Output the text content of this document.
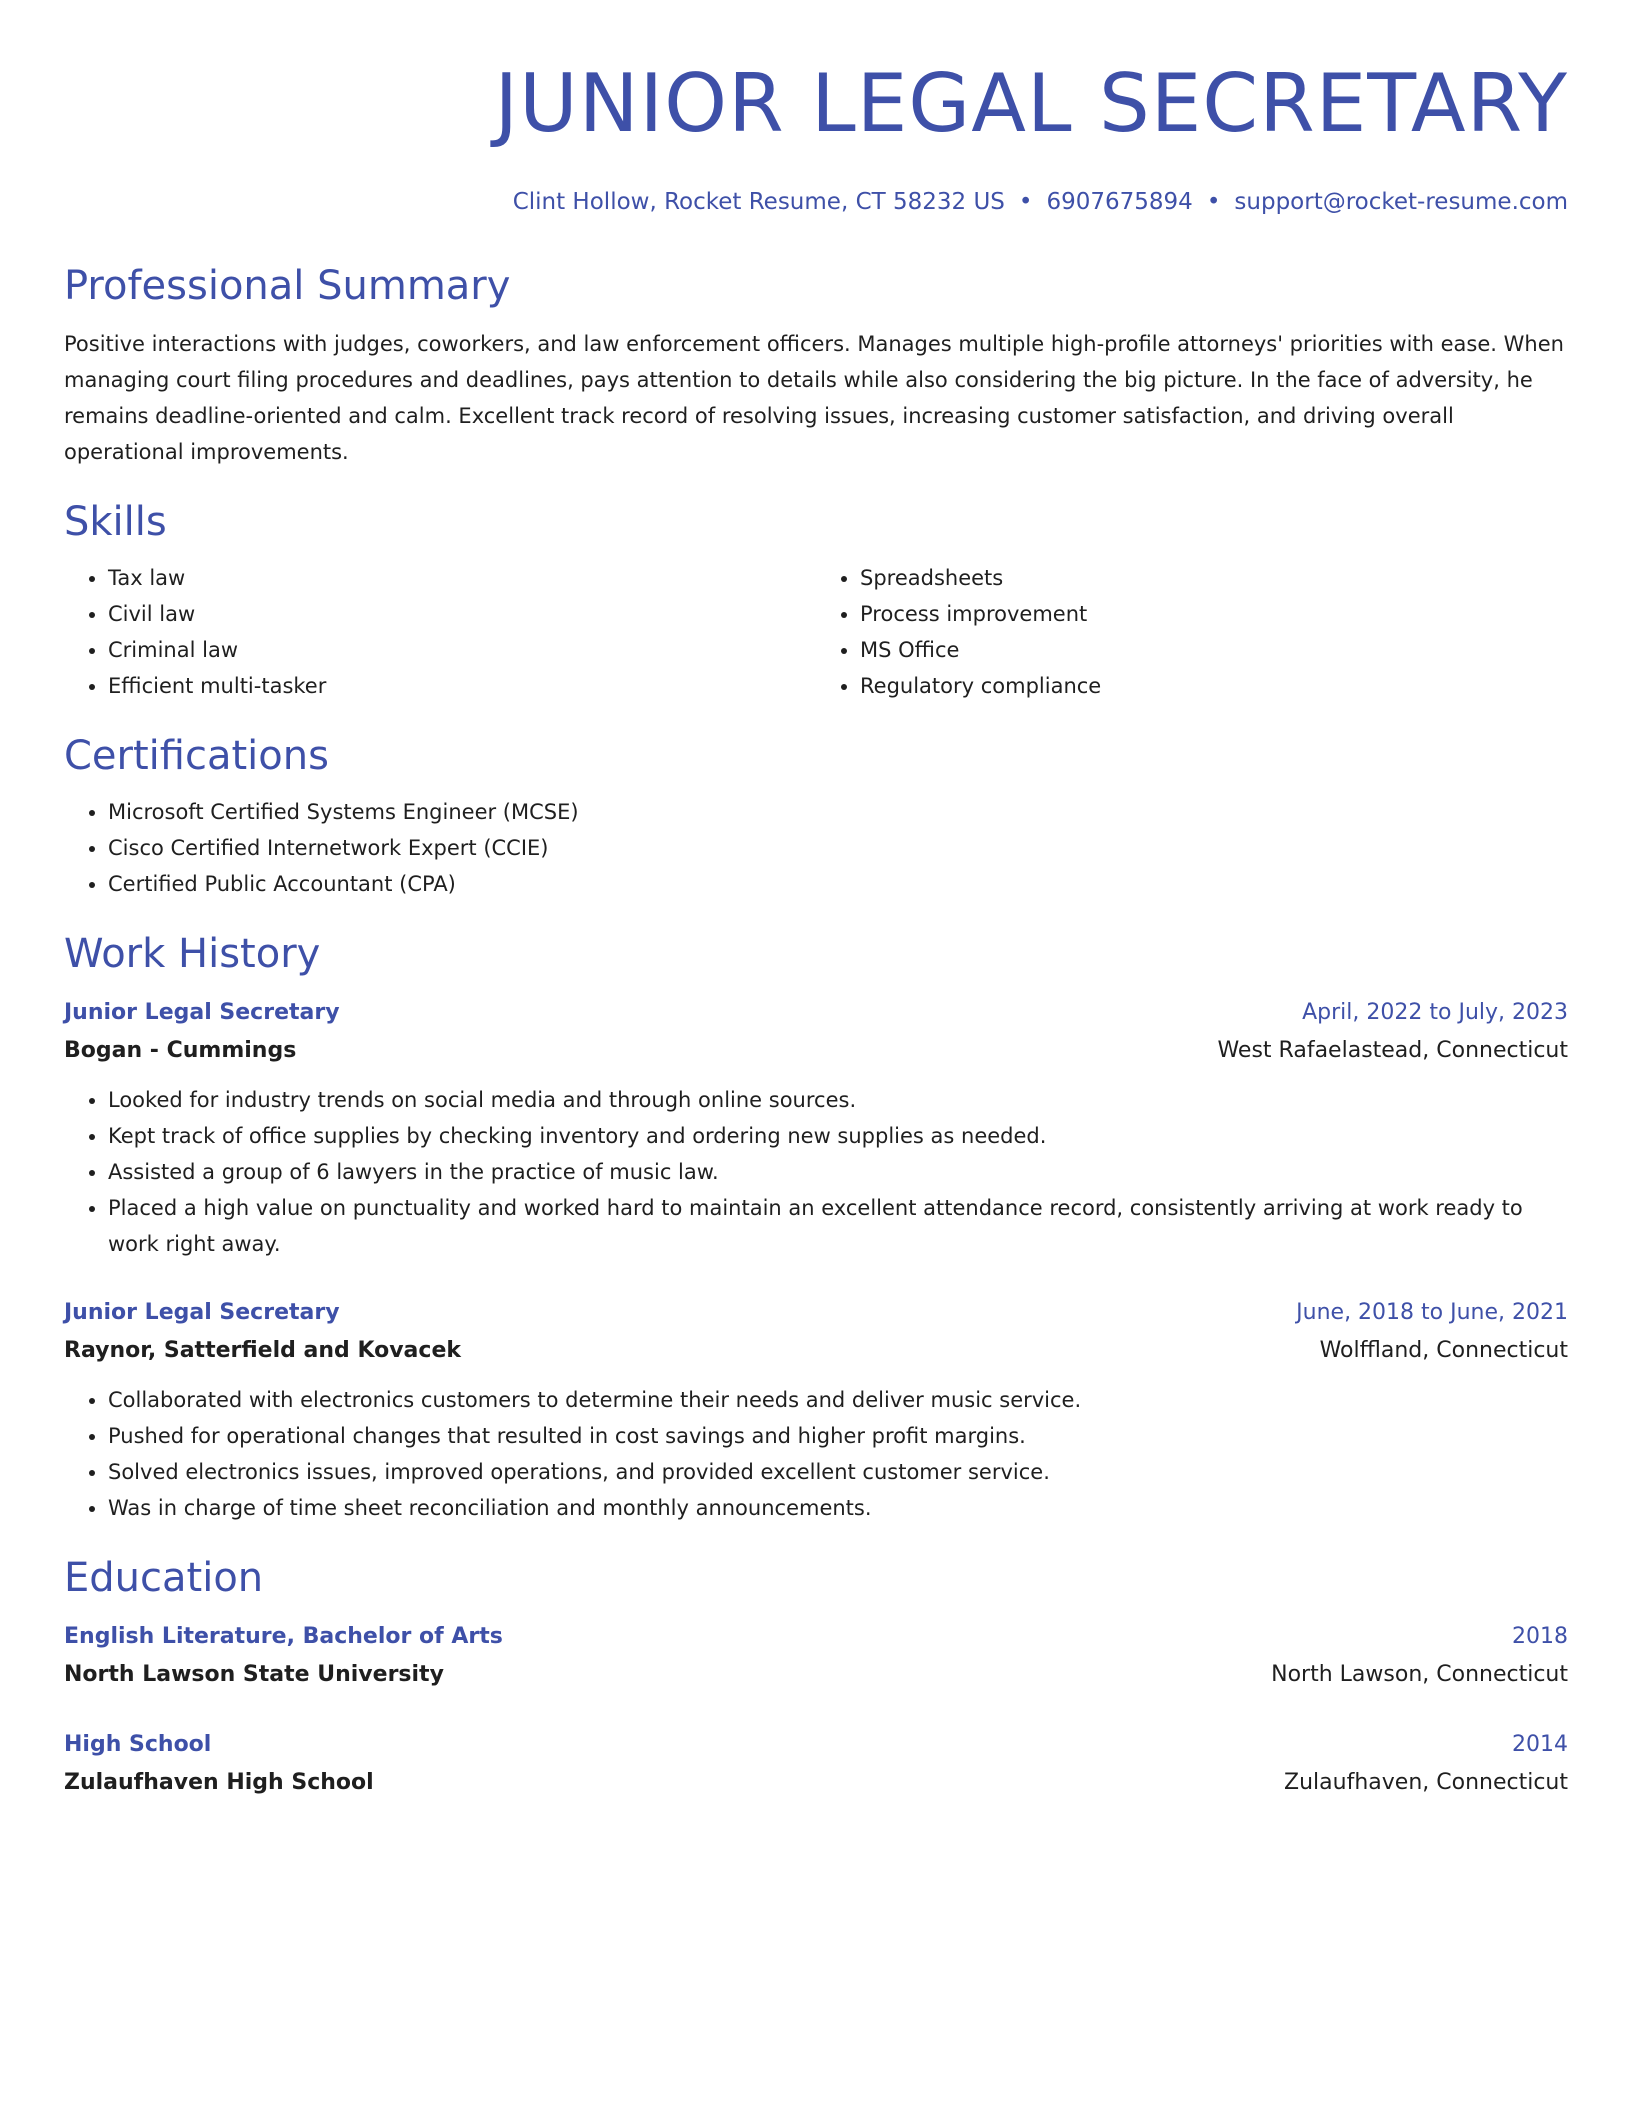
JUNIOR LEGAL SECRETARY
Clint Hollow, Rocket Resume, CT 58232 US • 6907675894 • support@rocket-resume.com
Professional Summary

Positive interactions with judges, coworkers, and law enforcement officers. Manages multiple high-profile attorneys' priorities with ease. When managing court filing procedures and deadlines, pays attention to details while also considering the big picture. In the face of adversity, he remains deadline-oriented and calm. Excellent track record of resolving issues, increasing customer satisfaction, and driving overall operational improvements.

Skills
• Tax law
• Civil law
• Criminal law
• Efficient multi-tasker
• Spreadsheets
• Process improvement
• MS Office
• Regulatory compliance
Certifications
• Microsoft Certified Systems Engineer (MCSE)
• Cisco Certified Internetwork Expert (CCIE)
• Certified Public Accountant (CPA)
Work History
Junior Legal Secretary	April, 2022 to July, 2023
Bogan - Cummings	West Rafaelastead, Connecticut
• Looked for industry trends on social media and through online sources.
• Kept track of office supplies by checking inventory and ordering new supplies as needed.
• Assisted a group of 6 lawyers in the practice of music law.
• Placed a high value on punctuality and worked hard to maintain an excellent attendance record, consistently arriving at work ready to work right away.
Junior Legal Secretary	June, 2018 to June, 2021
Raynor, Satterfield and Kovacek	Wolffland, Connecticut
• Collaborated with electronics customers to determine their needs and deliver music service.
• Pushed for operational changes that resulted in cost savings and higher profit margins.
• Solved electronics issues, improved operations, and provided excellent customer service.
• Was in charge of time sheet reconciliation and monthly announcements.
Education
English Literature, Bachelor of Arts	2018
North Lawson State University	North Lawson, Connecticut
High School	2014
Zulaufhaven High School	Zulaufhaven, Connecticut
